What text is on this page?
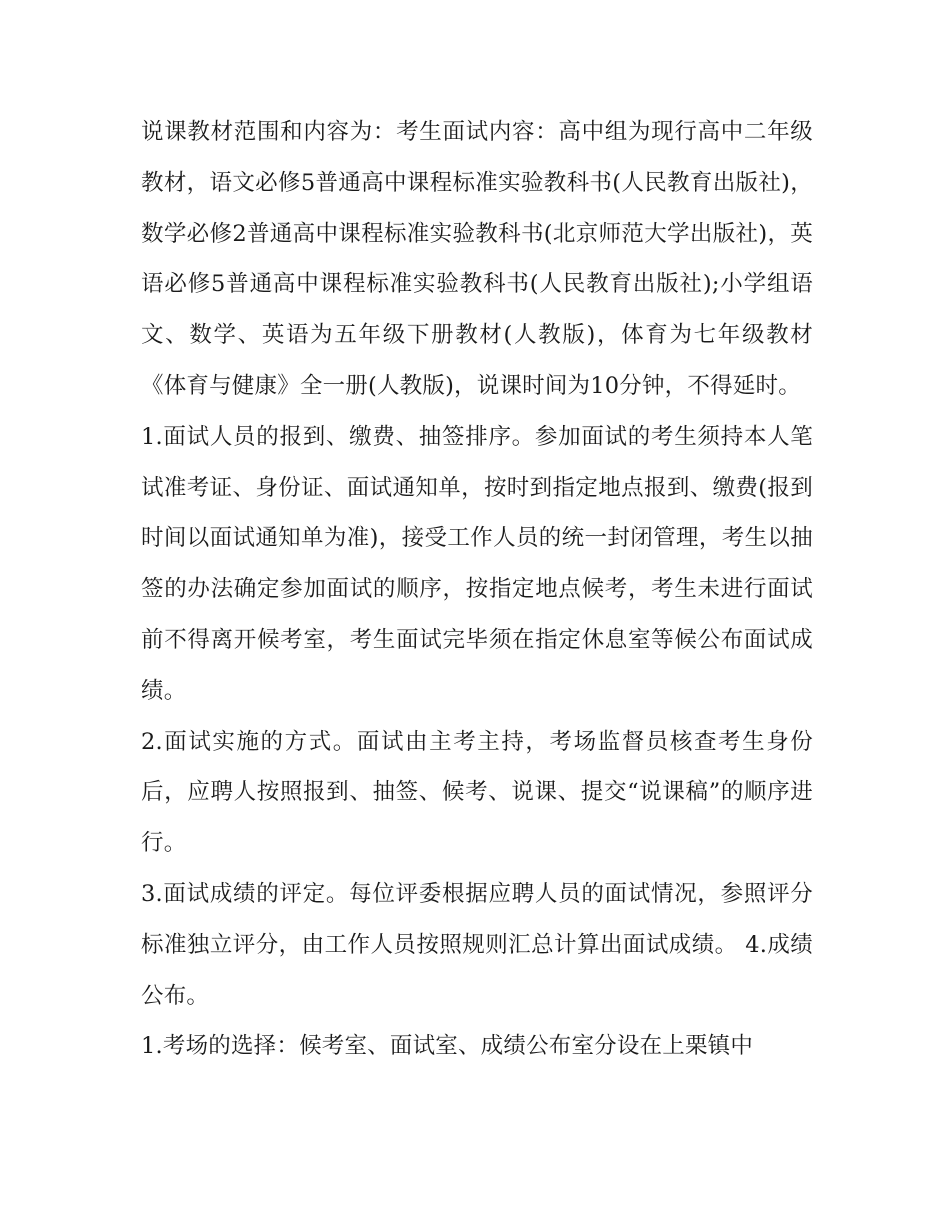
说课教材范围和内容为：考生面试内容：高中组为现行高中二年级教材，语文必修5普通高中课程标准实验教科书(人民教育出版社)，数学必修2普通高中课程标准实验教科书(北京师范大学出版社)，英语必修5普通高中课程标准实验教科书(人民教育出版社);小学组语文、数学、英语为五年级下册教材(人教版)，体育为七年级教材《体育与健康》全一册(人教版)，说课时间为10分钟，不得延时。

1.面试人员的报到、缴费、抽签排序。参加面试的考生须持本人笔试准考证、身份证、面试通知单，按时到指定地点报到、缴费(报到时间以面试通知单为准)，接受工作人员的统一封闭管理，考生以抽签的办法确定参加面试的顺序，按指定地点候考，考生未进行面试前不得离开候考室，考生面试完毕须在指定休息室等候公布面试成绩。

2.面试实施的方式。面试由主考主持，考场监督员核查考生身份后，应聘人按照报到、抽签、候考、说课、提交“说课稿”的顺序进行。

3.面试成绩的评定。每位评委根据应聘人员的面试情况，参照评分标准独立评分，由工作人员按照规则汇总计算出面试成绩。 4.成绩公布。

1.考场的选择：候考室、面试室、成绩公布室分设在上栗镇中
